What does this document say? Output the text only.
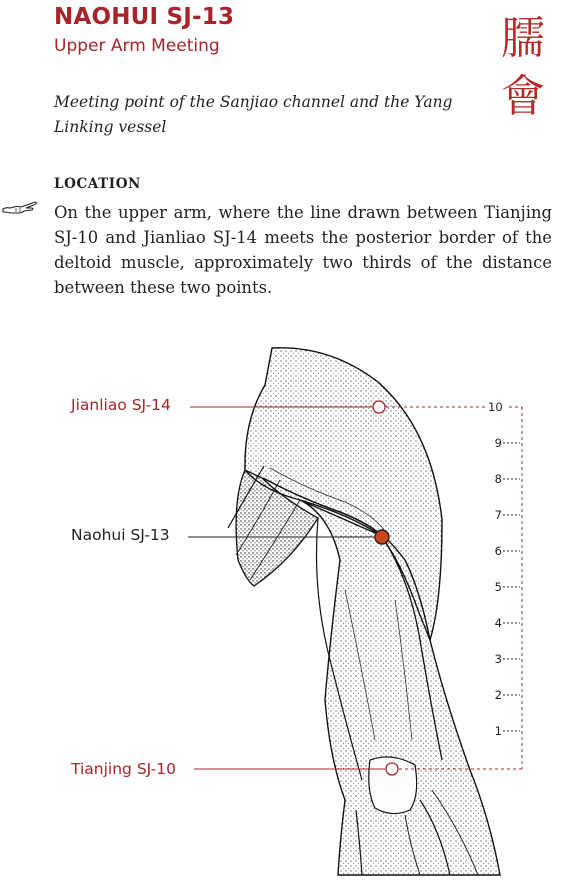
NAOHUI SJ-13
Upper Arm Meeting	臑
會
Meeting point of the Sanjiao channel and the Yang Linking vessel
LOCATION
On the upper arm, where the line drawn between Tianjing SJ-10 and Jianliao SJ-14 meets the posterior border of the deltoid muscle, approximately two thirds of the distance between these two points.
Jianliao SJ-14
Naohui SJ-13
Tianjing SJ-10
10
9
8
7
6
5
4
3
2
1
